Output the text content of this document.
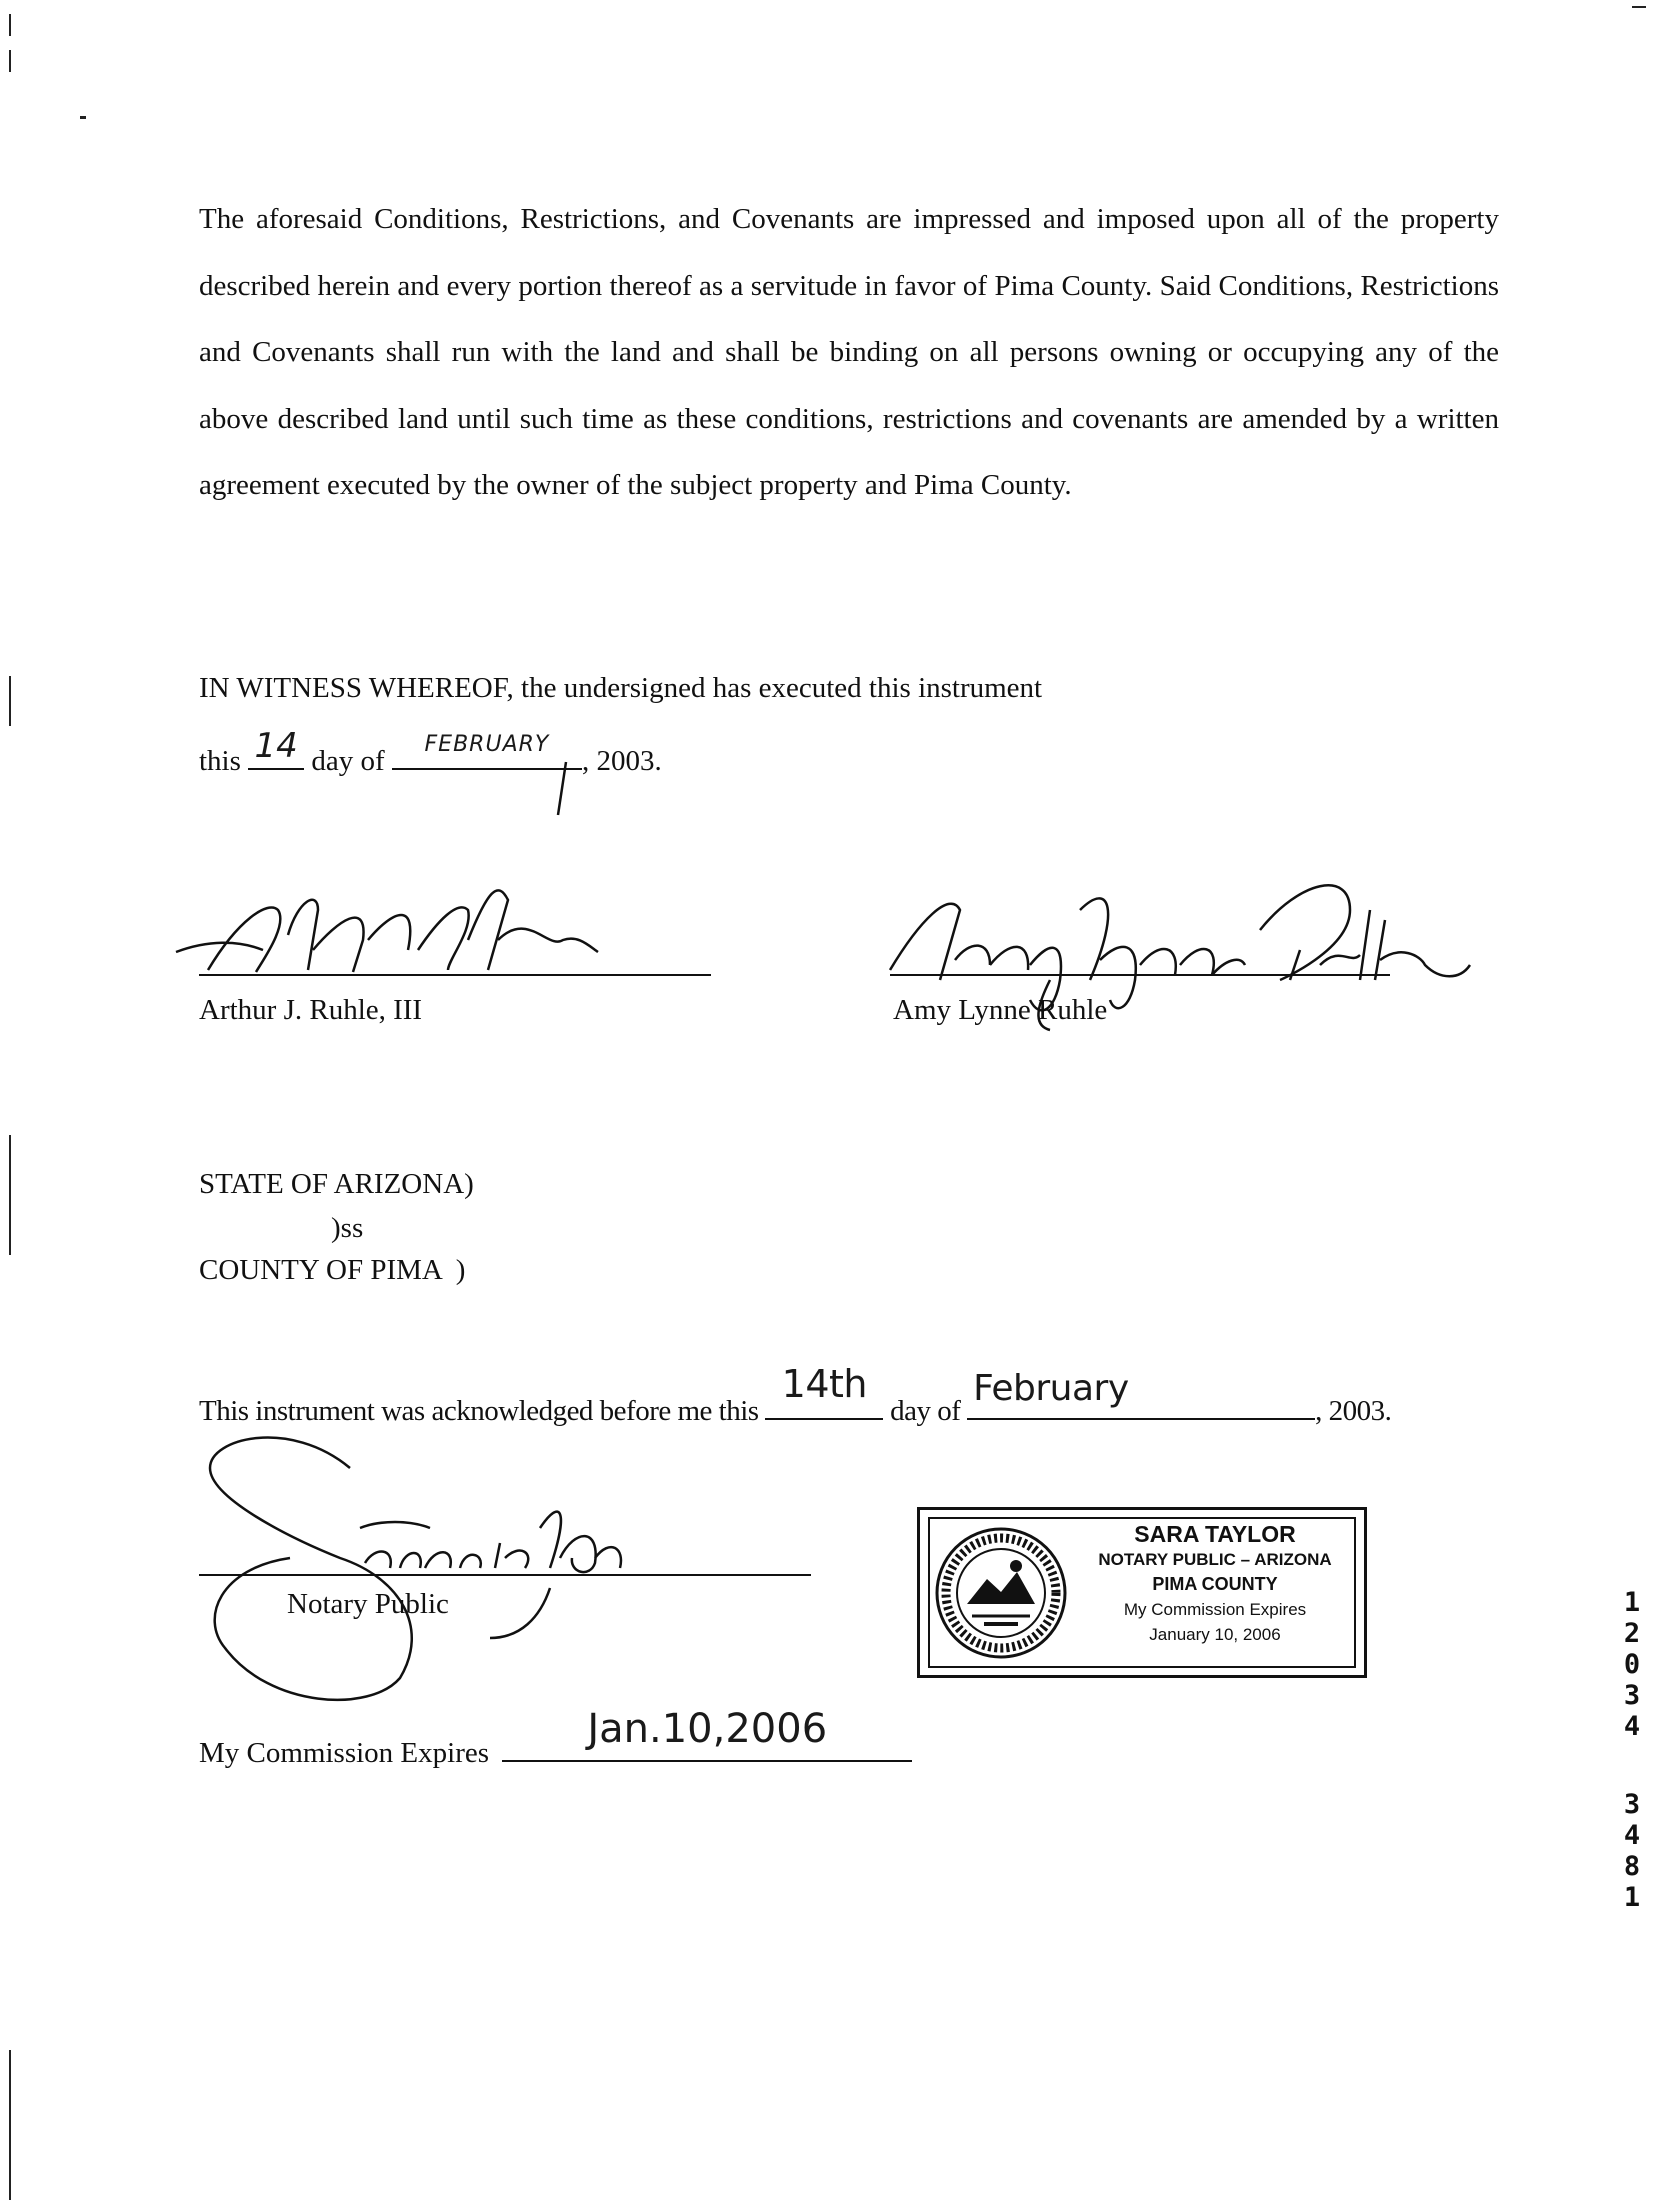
The aforesaid Conditions, Restrictions, and Covenants are impressed and imposed upon all of the property described herein and every portion thereof as a servitude in favor of Pima County. Said Conditions, Restrictions and Covenants shall run with the land and shall be binding on all persons owning or occupying any of the above described land until such time as these conditions, restrictions and covenants are amended by a written agreement executed by the owner of the subject property and Pima County.
IN WITNESS WHEREOF, the undersigned has executed this instrument
this 14 day of
FEBRUARY
, 2003.
Arthur J. Ruhle, III	Amy Lynne Ruhle
STATE OF ARIZONA)
)ss
COUNTY OF PIMA  )
This instrument was acknowledged before me this
14th
day of
February
, 2003.
Notary Public
SARA TAYLOR
NOTARY PUBLIC – ARIZONA
PIMA COUNTY
My Commission Expires
January 10, 2006
My Commission Expires
Jan.10,2006
1
2
0
3
4
3
4
8
1
